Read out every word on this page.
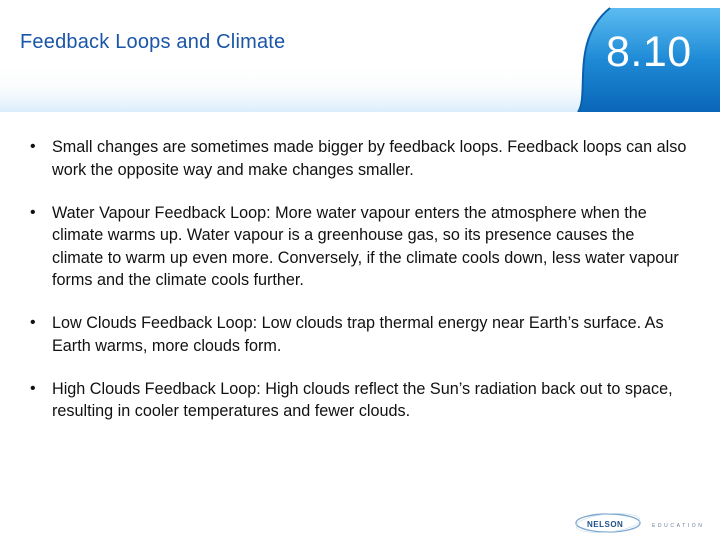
Feedback Loops and Climate	8.10
• Small changes are sometimes made bigger by feedback loops. Feedback loops can also work the opposite way and make changes smaller.
• Water Vapour Feedback Loop: More water vapour enters the atmosphere when the climate warms up. Water vapour is a greenhouse gas, so its presence causes the climate to warm up even more. Conversely, if the climate cools down, less water vapour forms and the climate cools further.
• Low Clouds Feedback Loop: Low clouds trap thermal energy near Earth’s surface. As Earth warms, more clouds form.
• High Clouds Feedback Loop: High clouds reflect the Sun’s radiation back out to space, resulting in cooler temperatures and fewer clouds.
NELSON	EDUCATION
